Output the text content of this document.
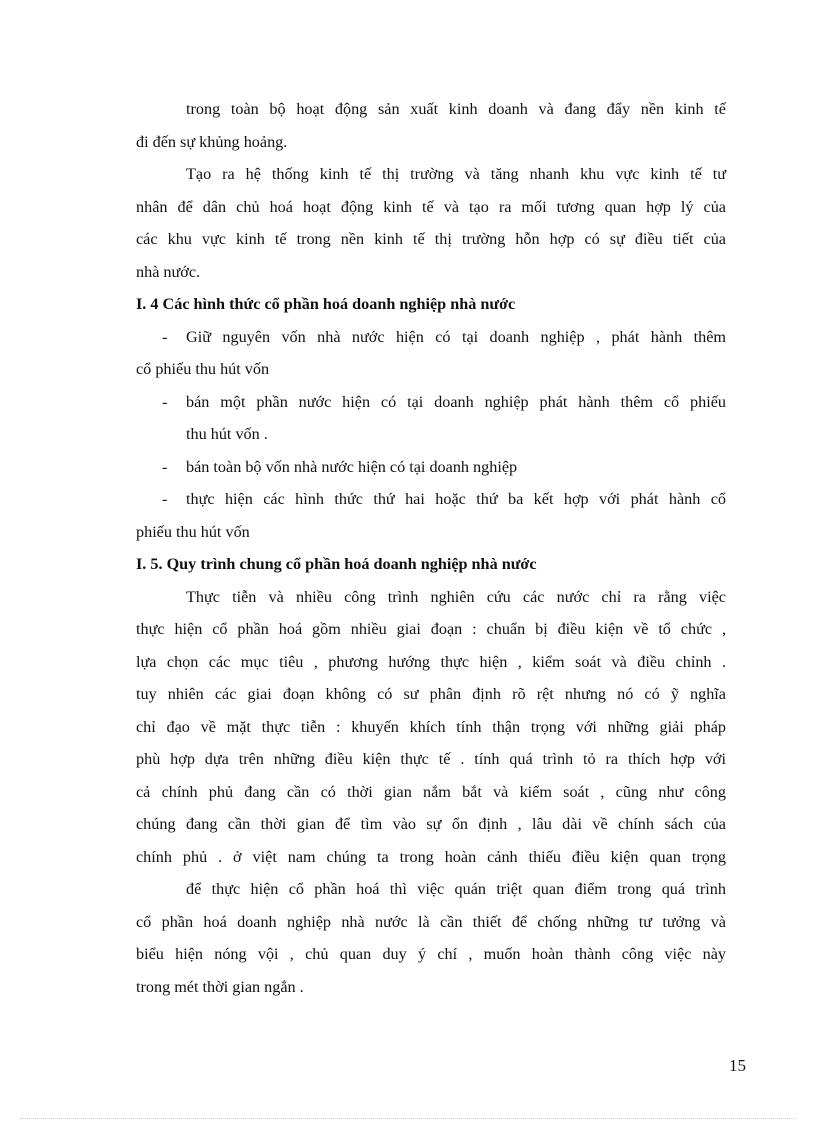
trong toàn bộ hoạt động sản xuất kinh doanh và đang đẩy nền kinh tế
đi đến sự khủng hoảng.
Tạo ra hệ thống kinh tế thị trường và tăng nhanh khu vực kinh tế tư
nhân để dân chủ hoá hoạt động kinh tế và tạo ra mối tương quan hợp lý của
các khu vực kinh tế trong nền kinh tế thị trường hỗn hợp có sự điều tiết của
nhà nước.
I. 4 Các hình thức cổ phần hoá doanh nghiệp nhà nước
- Giữ nguyên vốn nhà nước hiện có tại doanh nghiệp , phát hành thêm
cổ phiếu thu hút vốn
- bán một phần nước hiện có tại doanh nghiệp phát hành thêm cổ phiếu
thu hút vốn .
- bán toàn bộ vốn nhà nước hiện có tại doanh nghiệp
- thực hiện các hình thức thứ hai hoặc thứ ba kết hợp với phát hành cổ
phiếu thu hút vốn
I. 5. Quy trình chung cổ phần hoá doanh nghiệp nhà nước
Thực tiễn và nhiều công trình nghiên cứu các nước chỉ ra rằng việc
thực hiện cổ phần hoá gồm nhiều giai đoạn : chuẩn bị điều kiện về tổ chức ,
lựa chọn các mục tiêu , phương hướng thực hiện , kiểm soát và điều chỉnh .
tuy nhiên các giai đoạn không có sư phân định rõ rệt nhưng nó có ỹ nghĩa
chỉ đạo về mặt thực tiễn : khuyến khích tính thận trọng với những giải pháp
phù hợp dựa trên những điều kiện thực tế . tính quá trình tỏ ra thích hợp với
cả chính phủ đang cần có thời gian nắm bắt và kiểm soát , cũng như công
chúng đang cần thời gian để tìm vào sự ổn định , lâu dài về chính sách của
chính phủ . ở việt nam chúng ta trong hoàn cảnh thiếu điều kiện quan trọng
để thực hiện cổ phần hoá thì việc quán triệt quan điểm trong quá trình
cổ phần hoá doanh nghiệp nhà nước là cần thiết để chống những tư tưởng và
biểu hiện nóng vội , chủ quan duy ý chí , muốn hoàn thành công việc này
trong mét thời gian ngắn .
15
